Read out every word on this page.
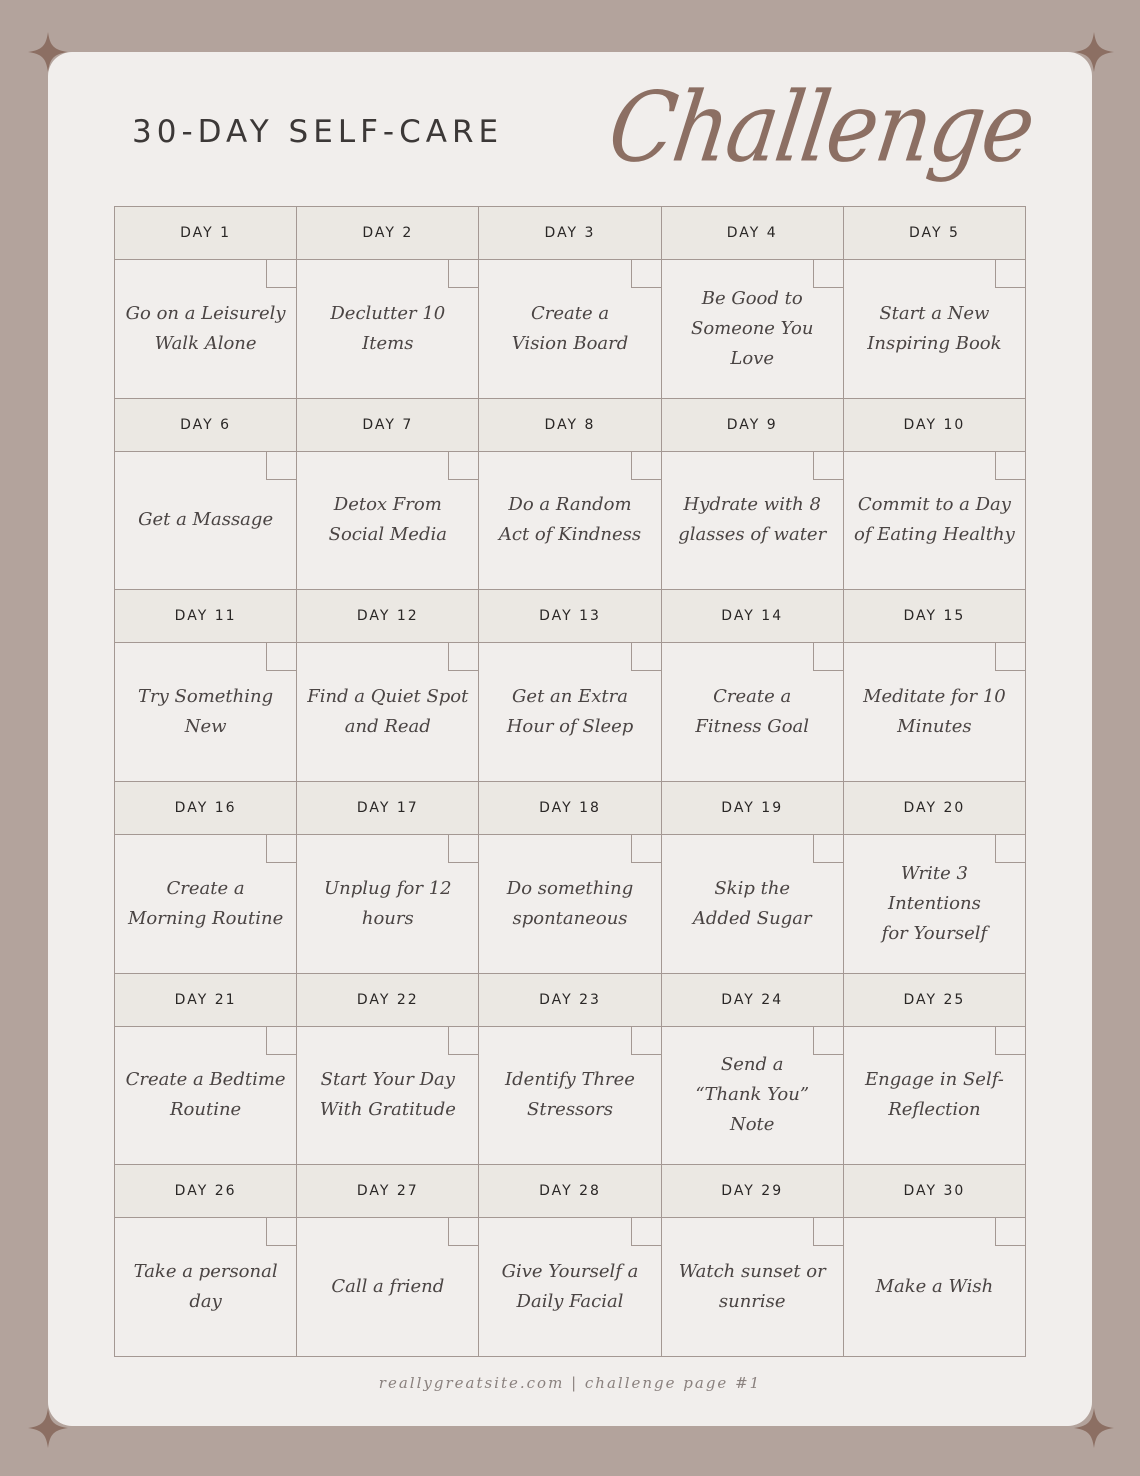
30-DAY SELF-CARE Challenge
DAY 1
Go on a Leisurely
Walk Alone
DAY 2
Declutter 10 Items
DAY 3
Create a
Vision Board
DAY 4
Be Good to
Someone You Love
DAY 5
Start a New
Inspiring Book
DAY 6
Get a Massage
DAY 7
Detox From
Social Media
DAY 8
Do a Random
Act of Kindness
DAY 9
Hydrate with 8
glasses of water
DAY 10
Commit to a Day
of Eating Healthy
DAY 11
Try Something New
DAY 12
Find a Quiet Spot
and Read
DAY 13
Get an Extra
Hour of Sleep
DAY 14
Create a
Fitness Goal
DAY 15
Meditate for 10
Minutes
DAY 16
Create a
Morning Routine
DAY 17
Unplug for 12 hours
DAY 18
Do something
spontaneous
DAY 19
Skip the
Added Sugar
DAY 20
Write 3 Intentions
for Yourself
DAY 21
Create a Bedtime
Routine
DAY 22
Start Your Day
With Gratitude
DAY 23
Identify Three
Stressors
DAY 24
Send a
“Thank You” Note
DAY 25
Engage in Self-
Reflection
DAY 26
Take a personal day
DAY 27
Call a friend
DAY 28
Give Yourself a
Daily Facial
DAY 29
Watch sunset or
sunrise
DAY 30
Make a Wish
reallygreatsite.com | challenge page #1
